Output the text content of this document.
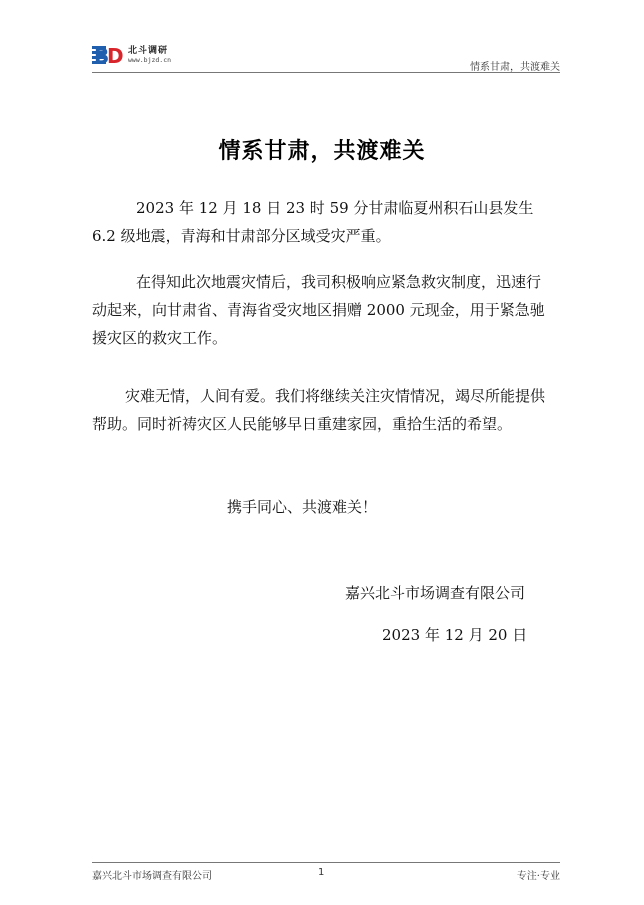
B
D 北斗调研
www.bjzd.cn
情系甘肃，共渡难关
情系甘肃，共渡难关
2023 年 12 月 18 日 23 时 59 分甘肃临夏州积石山县发生 6.2 级地震，青海和甘肃部分区域受灾严重。
在得知此次地震灾情后，我司积极响应紧急救灾制度，迅速行动起来，向甘肃省、青海省受灾地区捐赠 2000 元现金，用于紧急驰援灾区的救灾工作。
灾难无情，人间有爱。我们将继续关注灾情情况，竭尽所能提供帮助。同时祈祷灾区人民能够早日重建家园，重拾生活的希望。
携手同心、共渡难关！
嘉兴北斗市场调查有限公司
2023 年 12 月 20 日
嘉兴北斗市场调查有限公司	1	专注·专业
